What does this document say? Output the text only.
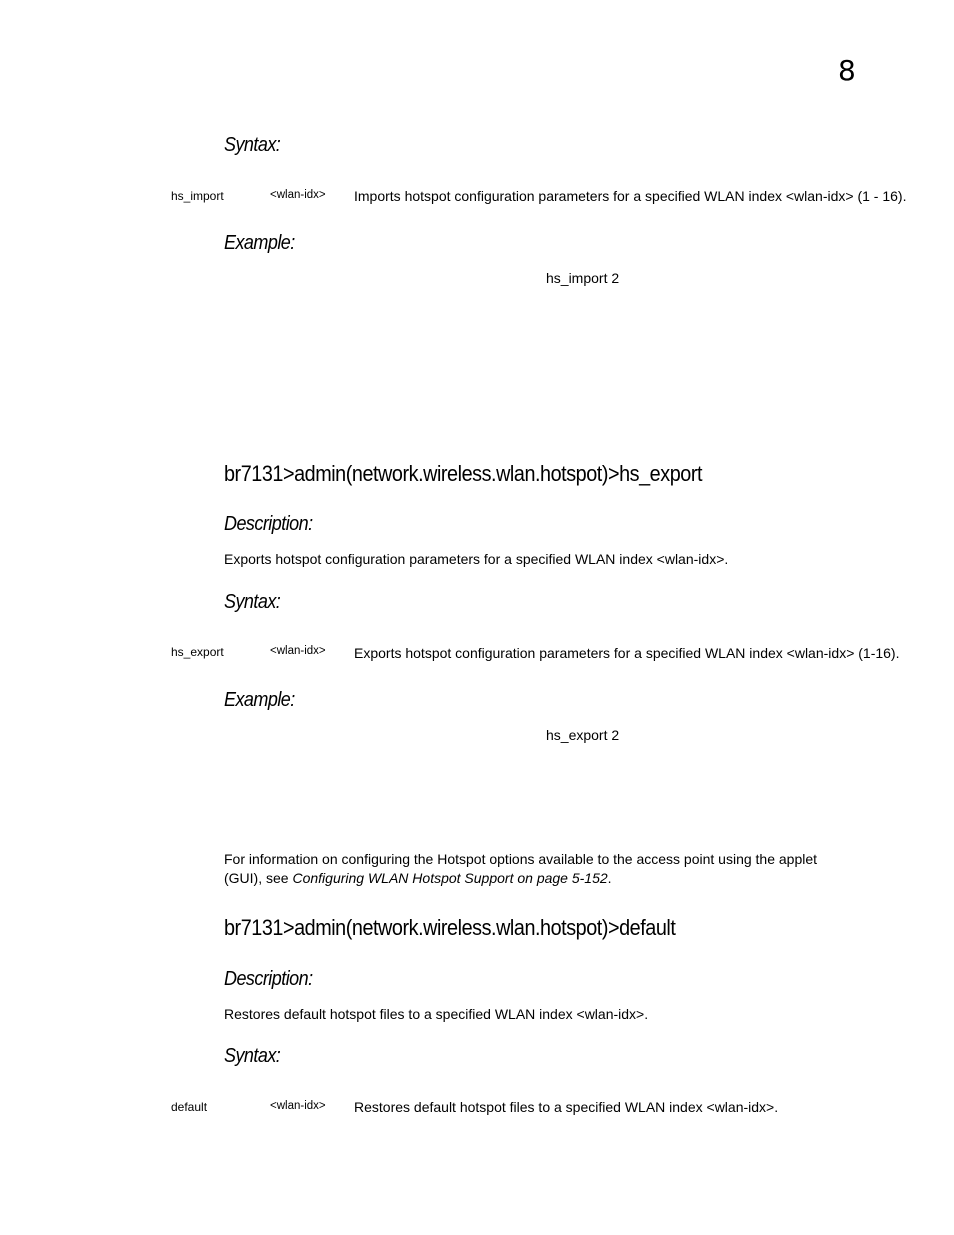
8
Syntax:
hs_import	<wlan-idx> Imports hotspot configuration parameters for a specified WLAN index <wlan-idx> (1 - 16).
Example:
hs_import 2
br7131>admin(network.wireless.wlan.hotspot)>hs_export
Description:
Exports hotspot configuration parameters for a specified WLAN index <wlan-idx>.
Syntax:
hs_export	<wlan-idx> Exports hotspot configuration parameters for a specified WLAN index <wlan-idx> (1-16).
Example:
hs_export 2
For information on configuring the Hotspot options available to the access point using the applet
(GUI), see Configuring WLAN Hotspot Support on page 5-152.
br7131>admin(network.wireless.wlan.hotspot)>default
Description:
Restores default hotspot files to a specified WLAN index <wlan-idx>.
Syntax:
default	<wlan-idx> Restores default hotspot files to a specified WLAN index <wlan-idx>.
